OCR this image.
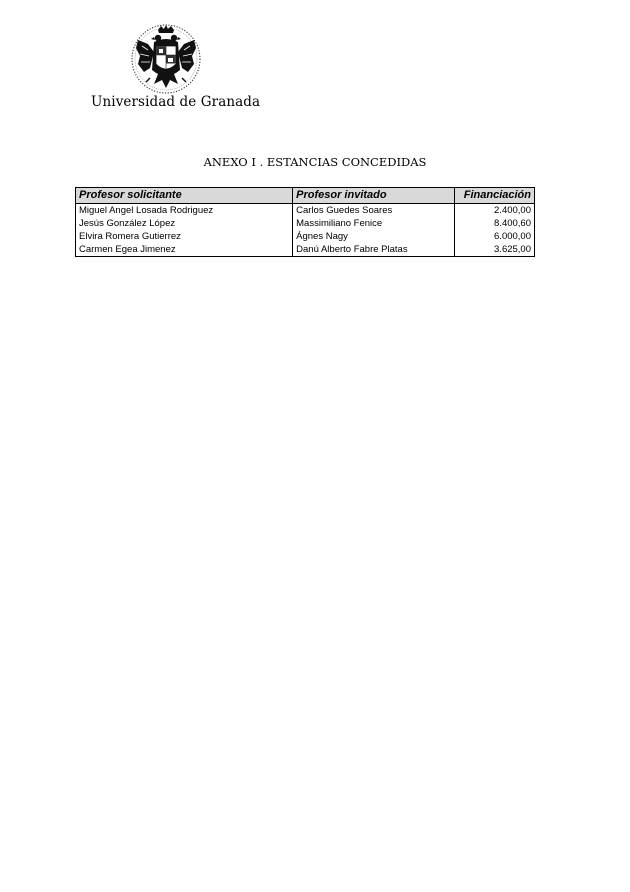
Universidad de Granada
ANEXO I . ESTANCIAS CONCEDIDAS
Profesor solicitante	Profesor invitado	Financiación
Miguel Angel Losada Rodriguez	Carlos Guedes Soares	2.400,00
Jesús González López	Massimiliano Fenice	8.400,60
Elvira Romera Gutierrez	Ágnes Nagy	6.000,00
Carmen Egea Jimenez	Danú Alberto Fabre Platas	3.625,00
